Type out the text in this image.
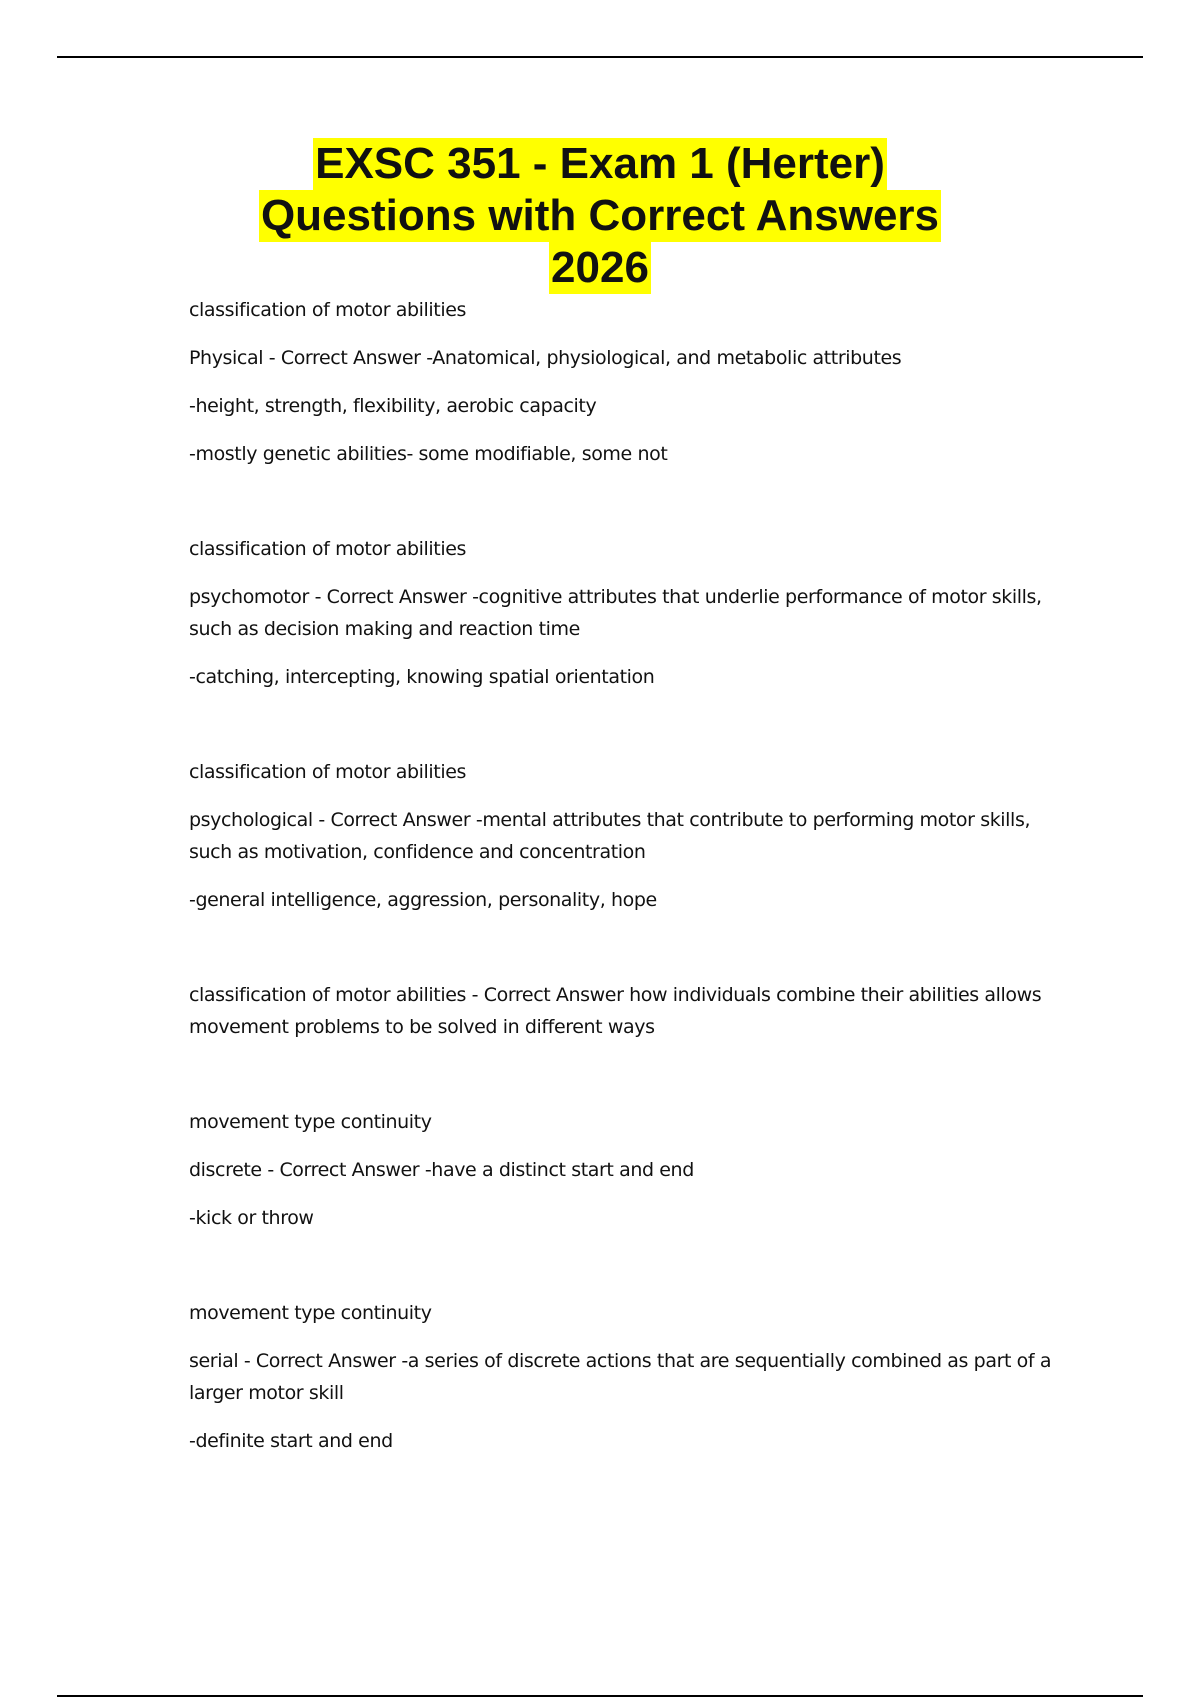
EXSC 351 - Exam 1 (Herter)
Questions with Correct Answers
2026

classification of motor abilities

Physical - Correct Answer -Anatomical, physiological, and metabolic attributes

-height, strength, flexibility, aerobic capacity

-mostly genetic abilities- some modifiable, some not

classification of motor abilities

psychomotor - Correct Answer -cognitive attributes that underlie performance of motor skills, such as decision making and reaction time

-catching, intercepting, knowing spatial orientation

classification of motor abilities

psychological - Correct Answer -mental attributes that contribute to performing motor skills, such as motivation, confidence and concentration

-general intelligence, aggression, personality, hope

classification of motor abilities - Correct Answer how individuals combine their abilities allows movement problems to be solved in different ways

movement type continuity

discrete - Correct Answer -have a distinct start and end

-kick or throw

movement type continuity

serial - Correct Answer -a series of discrete actions that are sequentially combined as part of a larger motor skill

-definite start and end
